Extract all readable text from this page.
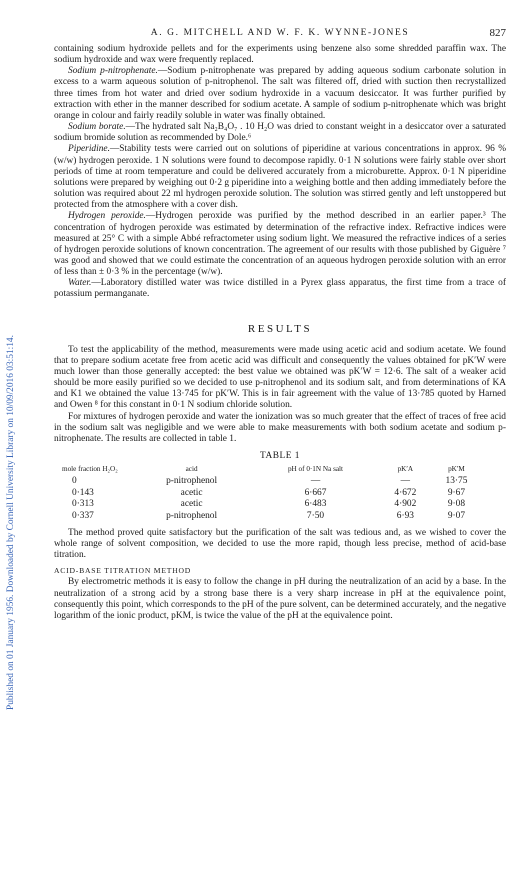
Published on 01 January 1956. Downloaded by Cornell University Library on 10/09/2016 03:51:14.
A. G. MITCHELL AND W. F. K. WYNNE-JONES	827

containing sodium hydroxide pellets and for the experiments using benzene also some shredded paraffin wax. The sodium hydroxide and wax were frequently replaced.

Sodium p-nitrophenate.—Sodium p-nitrophenate was prepared by adding aqueous sodium carbonate solution in excess to a warm aqueous solution of p-nitrophenol. The salt was filtered off, dried with suction then recrystallized three times from hot water and dried over sodium hydroxide in a vacuum desiccator. It was further purified by extraction with ether in the manner described for sodium acetate. A sample of sodium p-nitrophenate which was bright orange in colour and fairly readily soluble in water was finally obtained.

Sodium borate.—The hydrated salt Na₂B₄O₇ . 10 H₂O was dried to constant weight in a desiccator over a saturated sodium bromide solution as recommended by Dole.⁶

Piperidine.—Stability tests were carried out on solutions of piperidine at various concentrations in approx. 96 % (w/w) hydrogen peroxide. 1 N solutions were found to decompose rapidly. 0·1 N solutions were fairly stable over short periods of time at room temperature and could be delivered accurately from a microburette. Approx. 0·1 N piperidine solutions were prepared by weighing out 0·2 g piperidine into a weighing bottle and then adding immediately before the solution was required about 22 ml hydrogen peroxide solution. The solution was stirred gently and left unstoppered but protected from the atmosphere with a cover dish.

Hydrogen peroxide.—Hydrogen peroxide was purified by the method described in an earlier paper.³ The concentration of hydrogen peroxide was estimated by determination of the refractive index. Refractive indices were measured at 25° C with a simple Abbé refractometer using sodium light. We measured the refractive indices of a series of hydrogen peroxide solutions of known concentration. The agreement of our results with those published by Giguère ⁷ was good and showed that we could estimate the concentration of an aqueous hydrogen peroxide solution with an error of less than ± 0·3 % in the percentage (w/w).

Water.—Laboratory distilled water was twice distilled in a Pyrex glass apparatus, the first time from a trace of potassium permanganate.

RESULTS

To test the applicability of the method, measurements were made using acetic acid and sodium acetate. We found that to prepare sodium acetate free from acetic acid was difficult and consequently the values obtained for pK′W were much lower than those generally accepted: the best value we obtained was pK′W = 12·6. The salt of a weaker acid should be more easily purified so we decided to use p-nitrophenol and its sodium salt, and from determinations of KA and K1 we obtained the value 13·745 for pK′W. This is in fair agreement with the value of 13·785 quoted by Harned and Owen ⁸ for this constant in 0·1 N sodium chloride solution.

For mixtures of hydrogen peroxide and water the ionization was so much greater that the effect of traces of free acid in the sodium salt was negligible and we were able to make measurements with both sodium acetate and sodium p-nitrophenate. The results are collected in table 1.

TABLE 1
mole fraction H₂O₂	acid	pH of 0·1N Na salt	pK′A	pK′M
0	p-nitrophenol	—	—	13·75
0·143	acetic	6·667	4·672	9·67
0·313	acetic	6·483	4·902	9·08
0·337	p-nitrophenol	7·50	6·93	9·07

The method proved quite satisfactory but the purification of the salt was tedious and, as we wished to cover the whole range of solvent composition, we decided to use the more rapid, though less precise, method of acid-base titration.

ACID-BASE TITRATION METHOD

By electrometric methods it is easy to follow the change in pH during the neutralization of an acid by a base. In the neutralization of a strong acid by a strong base there is a very sharp increase in pH at the equivalence point, consequently this point, which corresponds to the pH of the pure solvent, can be determined accurately, and the negative logarithm of the ionic product, pKM, is twice the value of the pH at the equivalence point.
